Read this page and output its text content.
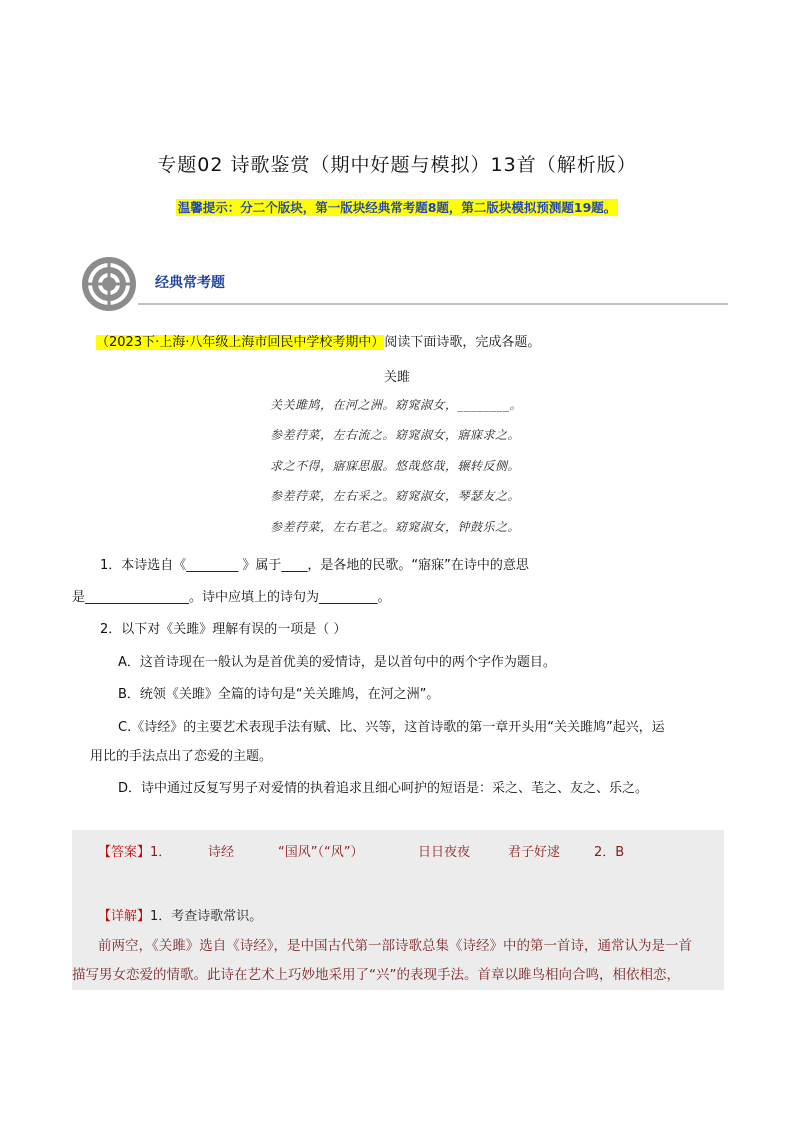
专题02 诗歌鉴赏（期中好题与模拟）13首（解析版）
温馨提示：分二个版块，第一版块经典常考题8题，第二版块模拟预测题19题。
经典常考题
（2023下·上海·八年级上海市回民中学校考期中）阅读下面诗歌，完成各题。
关雎
关关雎鸠，在河之洲。窈窕淑女，________。
参差荇菜，左右流之。窈窕淑女，寤寐求之。
求之不得，寤寐思服。悠哉悠哉，辗转反侧。
参差荇菜，左右采之。窈窕淑女，琴瑟友之。
参差荇菜，左右芼之。窈窕淑女，钟鼓乐之。
1．本诗选自《________ 》属于____，是各地的民歌。“寤寐”在诗中的意思
是________________。诗中应填上的诗句为_________。
2．以下对《关雎》理解有误的一项是（ ）
A．这首诗现在一般认为是首优美的爱情诗，是以首句中的两个字作为题目。
B．统领《关雎》全篇的诗句是“关关雎鸠，在河之洲”。
C.《诗经》的主要艺术表现手法有赋、比、兴等，这首诗歌的第一章开头用“关关雎鸠”起兴，运
用比的手法点出了恋爱的主题。
D．诗中通过反复写男子对爱情的执着追求且细心呵护的短语是：采之、芼之、友之、乐之。
【答案】1．	诗经	“国风”（“风”）	日日夜夜	君子好逑	2．B
【详解】1．考查诗歌常识。
前两空，《关雎》选自《诗经》，是中国古代第一部诗歌总集《诗经》中的第一首诗，通常认为是一首
描写男女恋爱的情歌。此诗在艺术上巧妙地采用了“兴”的表现手法。首章以雎鸟相向合鸣，相依相恋，
